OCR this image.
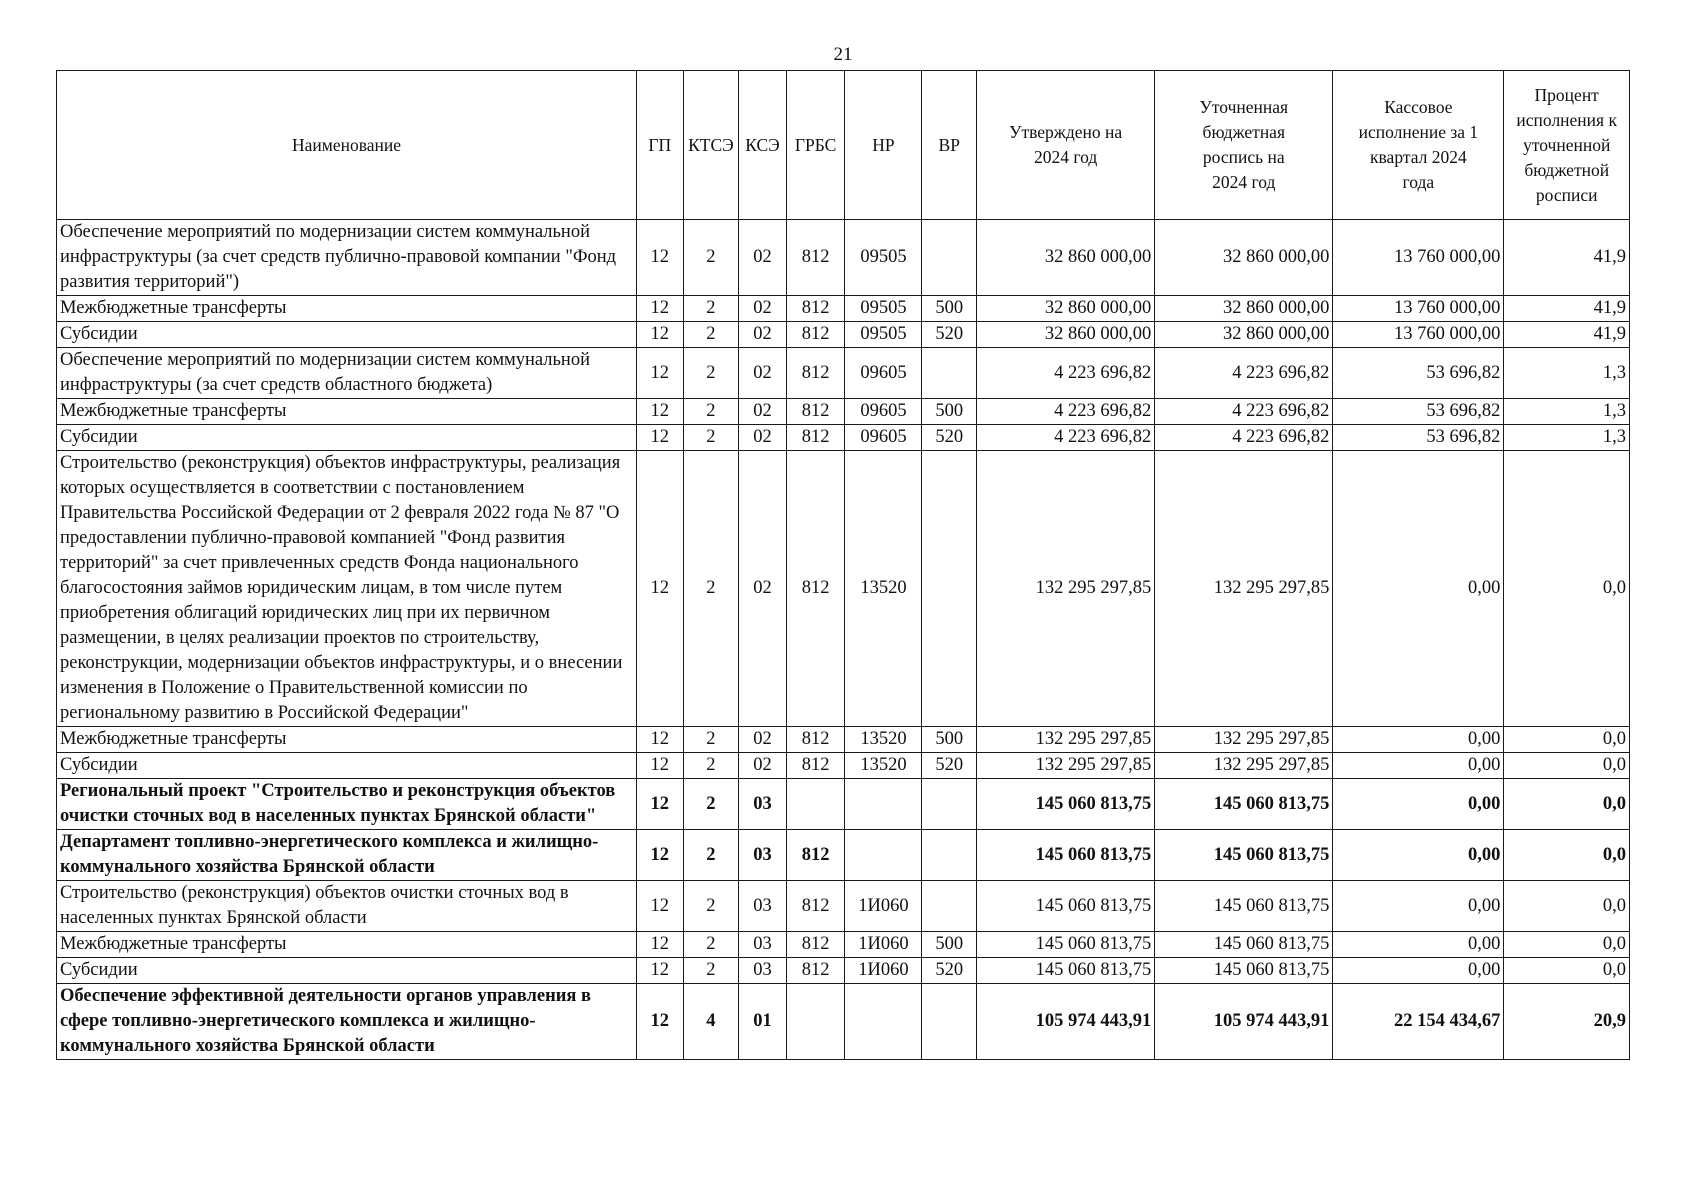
21
Наименование	ГП	КТСЭ	КСЭ	ГРБС	НР	ВР	Утверждено на 2024 год	Уточненная бюджетная роспись на 2024 год	Кассовое исполнение за 1 квартал 2024 года	Процент исполнения к уточненной бюджетной росписи
Обеспечение мероприятий по модернизации систем коммунальной инфраструктуры (за счет средств публично-правовой компании "Фонд развития территорий")	12	2	02	812	09505		32 860 000,00	32 860 000,00	13 760 000,00	41,9
Межбюджетные трансферты	12	2	02	812	09505	500	32 860 000,00	32 860 000,00	13 760 000,00	41,9
Субсидии	12	2	02	812	09505	520	32 860 000,00	32 860 000,00	13 760 000,00	41,9
Обеспечение мероприятий по модернизации систем коммунальной инфраструктуры (за счет средств областного бюджета)	12	2	02	812	09605		4 223 696,82	4 223 696,82	53 696,82	1,3
Межбюджетные трансферты	12	2	02	812	09605	500	4 223 696,82	4 223 696,82	53 696,82	1,3
Субсидии	12	2	02	812	09605	520	4 223 696,82	4 223 696,82	53 696,82	1,3
Строительство (реконструкция) объектов инфраструктуры, реализация которых осуществляется в соответствии с постановлением Правительства Российской Федерации от 2 февраля 2022 года № 87 "О предоставлении публично-правовой компанией "Фонд развития территорий" за счет привлеченных средств Фонда национального благосостояния займов юридическим лицам, в том числе путем приобретения облигаций юридических лиц при их первичном размещении, в целях реализации проектов по строительству, реконструкции, модернизации объектов инфраструктуры, и о внесении изменения в Положение о Правительственной комиссии по региональному развитию в Российской Федерации"	12	2	02	812	13520		132 295 297,85	132 295 297,85	0,00	0,0
Межбюджетные трансферты	12	2	02	812	13520	500	132 295 297,85	132 295 297,85	0,00	0,0
Субсидии	12	2	02	812	13520	520	132 295 297,85	132 295 297,85	0,00	0,0
Региональный проект "Строительство и реконструкция объектов очистки сточных вод в населенных пунктах Брянской области"	12	2	03				145 060 813,75	145 060 813,75	0,00	0,0
Департамент топливно-энергетического комплекса и жилищно-коммунального хозяйства Брянской области	12	2	03	812			145 060 813,75	145 060 813,75	0,00	0,0
Строительство (реконструкция) объектов очистки сточных вод в населенных пунктах Брянской области	12	2	03	812	1И060		145 060 813,75	145 060 813,75	0,00	0,0
Межбюджетные трансферты	12	2	03	812	1И060	500	145 060 813,75	145 060 813,75	0,00	0,0
Субсидии	12	2	03	812	1И060	520	145 060 813,75	145 060 813,75	0,00	0,0
Обеспечение эффективной деятельности органов управления в сфере топливно-энергетического комплекса и жилищно-коммунального хозяйства Брянской области	12	4	01				105 974 443,91	105 974 443,91	22 154 434,67	20,9
